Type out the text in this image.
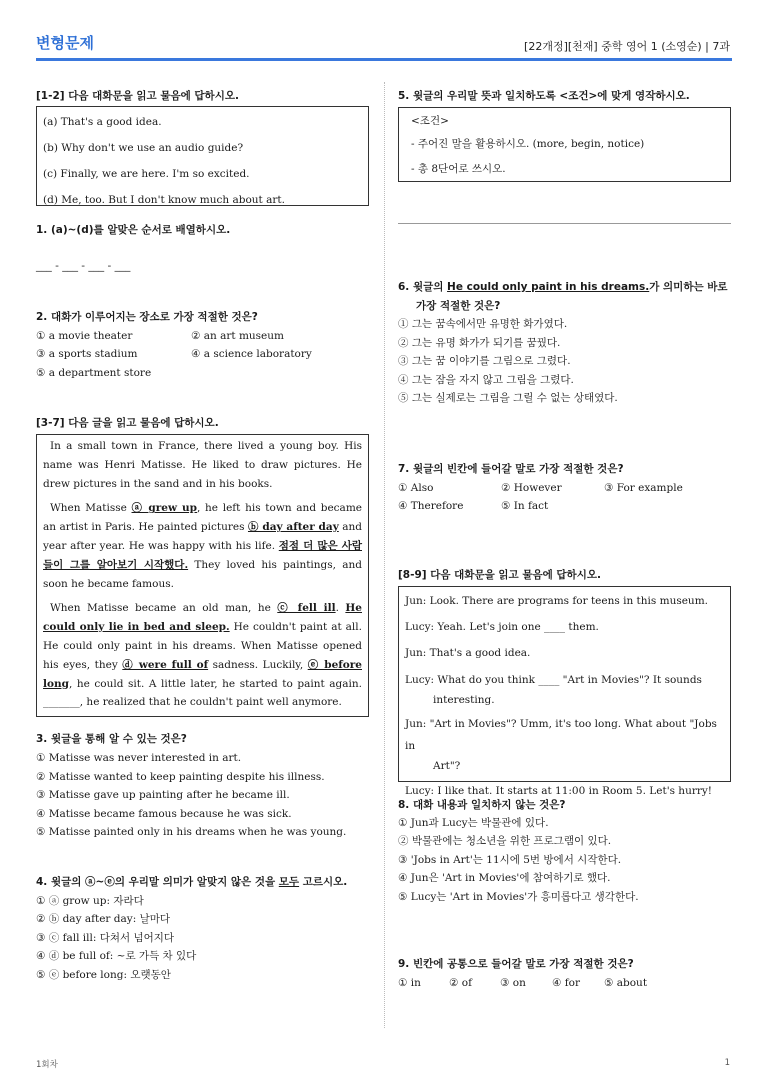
변형문제	[22개정][천재] 중학 영어 1 (소영순) | 7과

[1-2] 다음 대화문을 읽고 물음에 답하시오.

(a) That's a good idea.
(b) Why don't we use an audio guide?
(c) Finally, we are here. I'm so excited.
(d) Me, too. But I don't know much about art.

1. (a)~(d)를 알맞은 순서로 배열하시오.

___ - ___ - ___ - ___

2. 대화가 이루어지는 장소로 가장 적절한 것은?

① a movie theater	② an art museum
③ a sports stadium	④ a science laboratory
⑤ a department store

[3-7] 다음 글을 읽고 물음에 답하시오.

In a small town in France, there lived a young boy. His name was Henri Matisse. He liked to draw pictures. He drew pictures in the sand and in his books.

When Matisse ⓐ grew up, he left his town and became an artist in Paris. He painted pictures ⓑ day after day and year after year. He was happy with his life. 점점 더 많은 사람들이 그를 알아보기 시작했다. They loved his paintings, and soon he became famous.

When Matisse became an old man, he ⓒ fell ill. He could only lie in bed and sleep. He couldn't paint at all. He could only paint in his dreams. When Matisse opened his eyes, they ⓓ were full of sadness. Luckily, ⓔ before long, he could sit. A little later, he started to paint again. _______, he realized that he couldn't paint well anymore.

3. 윗글을 통해 알 수 있는 것은?

① Matisse was never interested in art.
② Matisse wanted to keep painting despite his illness.
③ Matisse gave up painting after he became ill.
④ Matisse became famous because he was sick.
⑤ Matisse painted only in his dreams when he was young.

4. 윗글의 ⓐ~ⓔ의 우리말 의미가 알맞지 않은 것을 모두 고르시오.

① ⓐ grow up: 자라다
② ⓑ day after day: 날마다
③ ⓒ fall ill: 다쳐서 넘어지다
④ ⓓ be full of: ~로 가득 차 있다
⑤ ⓔ before long: 오랫동안

5. 윗글의 우리말 뜻과 일치하도록 <조건>에 맞게 영작하시오.

<조건>
- 주어진 말을 활용하시오. (more, begin, notice)
- 총 8단어로 쓰시오.

6. 윗글의 He could only paint in his dreams.가 의미하는 바로

가장 적절한 것은?

① 그는 꿈속에서만 유명한 화가였다.
② 그는 유명 화가가 되기를 꿈꿨다.
③ 그는 꿈 이야기를 그림으로 그렸다.
④ 그는 잠을 자지 않고 그림을 그렸다.
⑤ 그는 실제로는 그림을 그릴 수 없는 상태였다.

7. 윗글의 빈칸에 들어갈 말로 가장 적절한 것은?

① Also	② However	③ For example
④ Therefore	⑤ In fact

[8-9] 다음 대화문을 읽고 물음에 답하시오.

Jun: Look. There are programs for teens in this museum.
Lucy: Yeah. Let's join one ____ them.
Jun: That's a good idea.
Lucy: What do you think ____ "Art in Movies"? It sounds
interesting.
Jun: "Art in Movies"? Umm, it's too long. What about "Jobs in
Art"?
Lucy: I like that. It starts at 11:00 in Room 5. Let's hurry!

8. 대화 내용과 일치하지 않는 것은?

① Jun과 Lucy는 박물관에 있다.
② 박물관에는 청소년을 위한 프로그램이 있다.
③ 'Jobs in Art'는 11시에 5번 방에서 시작한다.
④ Jun은 'Art in Movies'에 참여하기로 했다.
⑤ Lucy는 'Art in Movies'가 흥미롭다고 생각한다.

9. 빈칸에 공통으로 들어갈 말로 가장 적절한 것은?

① in	② of	③ on	④ for	⑤ about
1회차	1
